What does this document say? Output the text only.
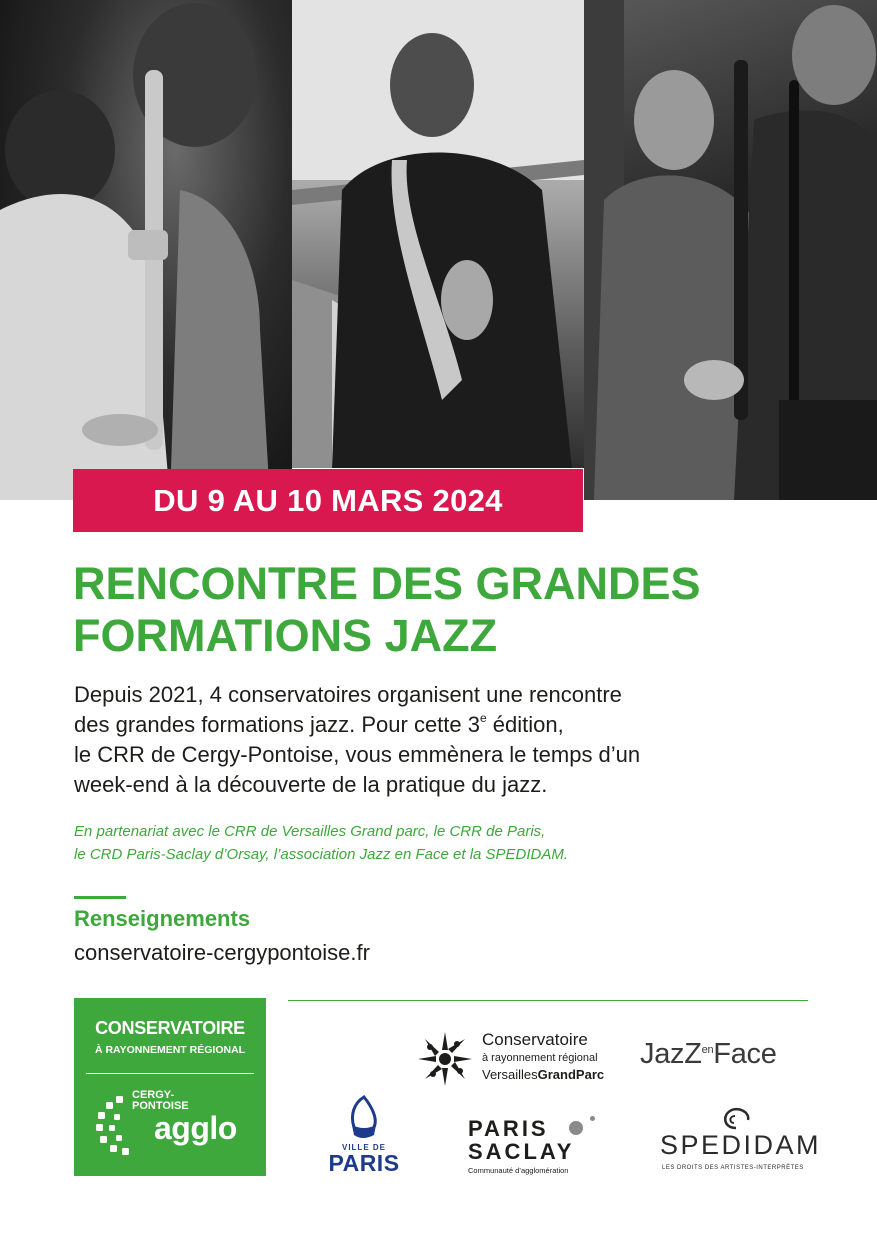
DU 9 AU 10 MARS 2024
RENCONTRE DES GRANDES
FORMATIONS JAZZ

Depuis 2021, 4 conservatoires organisent une rencontre
des grandes formations jazz. Pour cette 3e édition,
le CRR de Cergy-Pontoise, vous emmènera le temps d’un
week-end à la découverte de la pratique du jazz.

En partenariat avec le CRR de Versailles Grand parc, le CRR de Paris,
le CRD Paris-Saclay d’Orsay, l’association Jazz en Face et la SPEDIDAM.

Renseignements
conservatoire-cergypontoise.fr
CONSERVATOIRE
À RAYONNEMENT RÉGIONAL
CERGY-
PONTOISE
agglo
Conservatoire
à rayonnement régional
VersaillesGrandParc
JazZenFace
VILLE DE
PARIS
PARIS
SACLAY
Communauté d’agglomération
SPEDIDAM
LES DROITS DES ARTISTES-INTERPRÈTES
